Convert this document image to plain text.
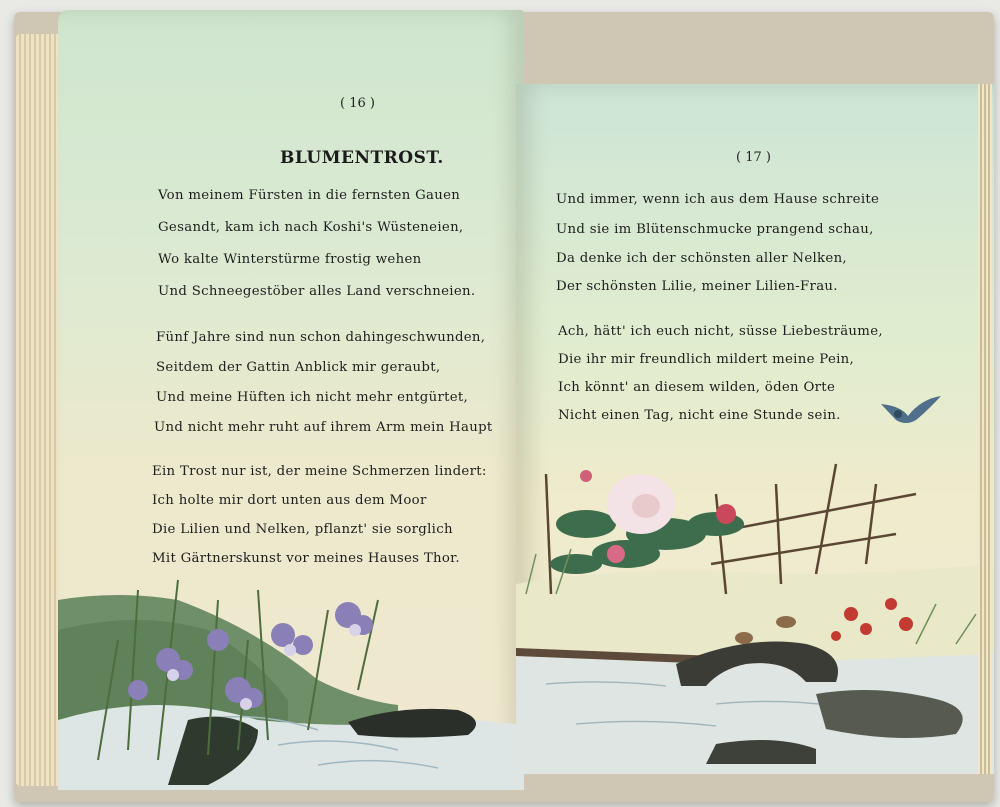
( 16 )
BLUMENTROST.
Von meinem Fürsten in die fernsten Gauen
Gesandt, kam ich nach Koshi's Wüsteneien,
Wo kalte Winterstürme frostig wehen
Und Schneegestöber alles Land verschneien.
Fünf Jahre sind nun schon dahingeschwunden,
Seitdem der Gattin Anblick mir geraubt,
Und meine Hüften ich nicht mehr entgürtet,
Und nicht mehr ruht auf ihrem Arm mein Haupt
Ein Trost nur ist, der meine Schmerzen lindert:
Ich holte mir dort unten aus dem Moor
Die Lilien und Nelken, pflanzt' sie sorglich
Mit Gärtnerskunst vor meines Hauses Thor.
( 17 )
Und immer, wenn ich aus dem Hause schreite
Und sie im Blütenschmucke prangend schau,
Da denke ich der schönsten aller Nelken,
Der schönsten Lilie, meiner Lilien-Frau.
Ach, hätt' ich euch nicht, süsse Liebesträume,
Die ihr mir freundlich mildert meine Pein,
Ich könnt' an diesem wilden, öden Orte
Nicht einen Tag, nicht eine Stunde sein.
